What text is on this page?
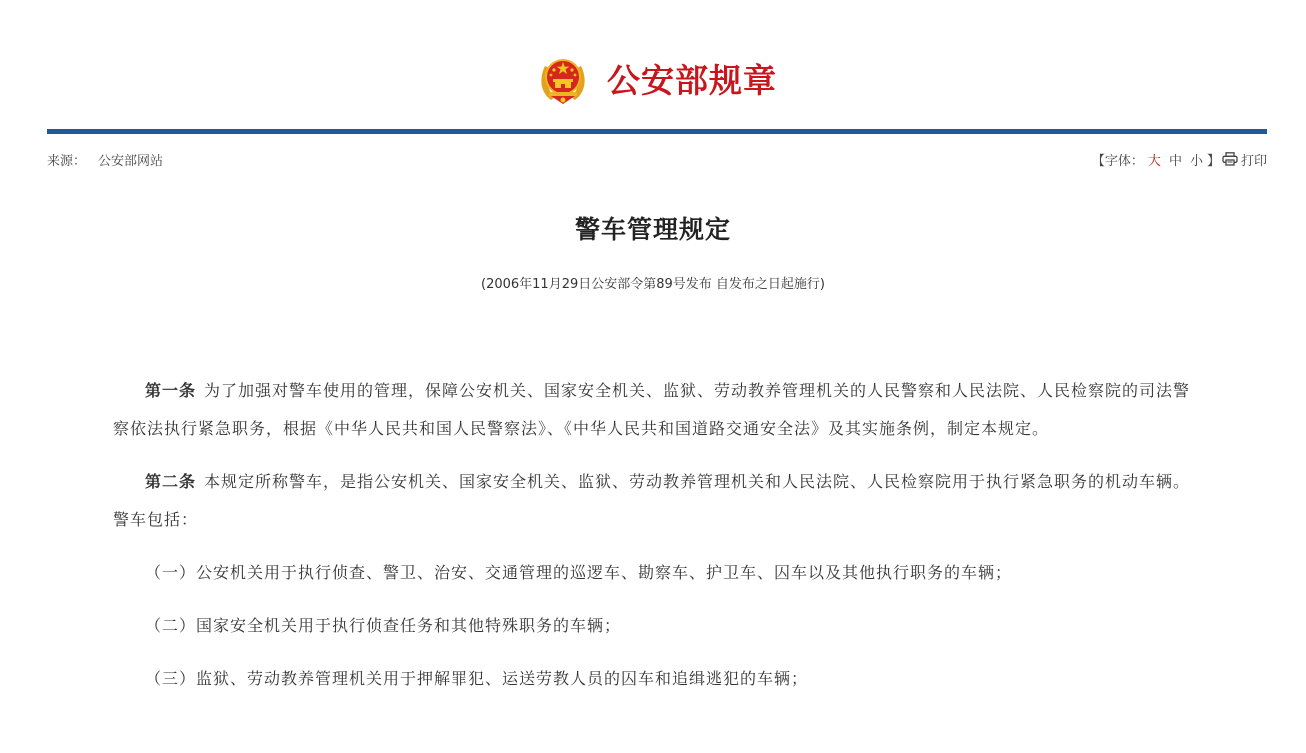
公安部规章
来源： 公安部网站	【字体： 大 中 小 】 打印
警车管理规定
(2006年11月29日公安部令第89号发布 自发布之日起施行)

第一条 为了加强对警车使用的管理，保障公安机关、国家安全机关、监狱、劳动教养管理机关的人民警察和人民法院、人民检察院的司法警察依法执行紧急职务，根据《中华人民共和国人民警察法》、《中华人民共和国道路交通安全法》及其实施条例，制定本规定。

第二条 本规定所称警车，是指公安机关、国家安全机关、监狱、劳动教养管理机关和人民法院、人民检察院用于执行紧急职务的机动车辆。警车包括：

（一）公安机关用于执行侦查、警卫、治安、交通管理的巡逻车、勘察车、护卫车、囚车以及其他执行职务的车辆；

（二）国家安全机关用于执行侦查任务和其他特殊职务的车辆；

（三）监狱、劳动教养管理机关用于押解罪犯、运送劳教人员的囚车和追缉逃犯的车辆；
